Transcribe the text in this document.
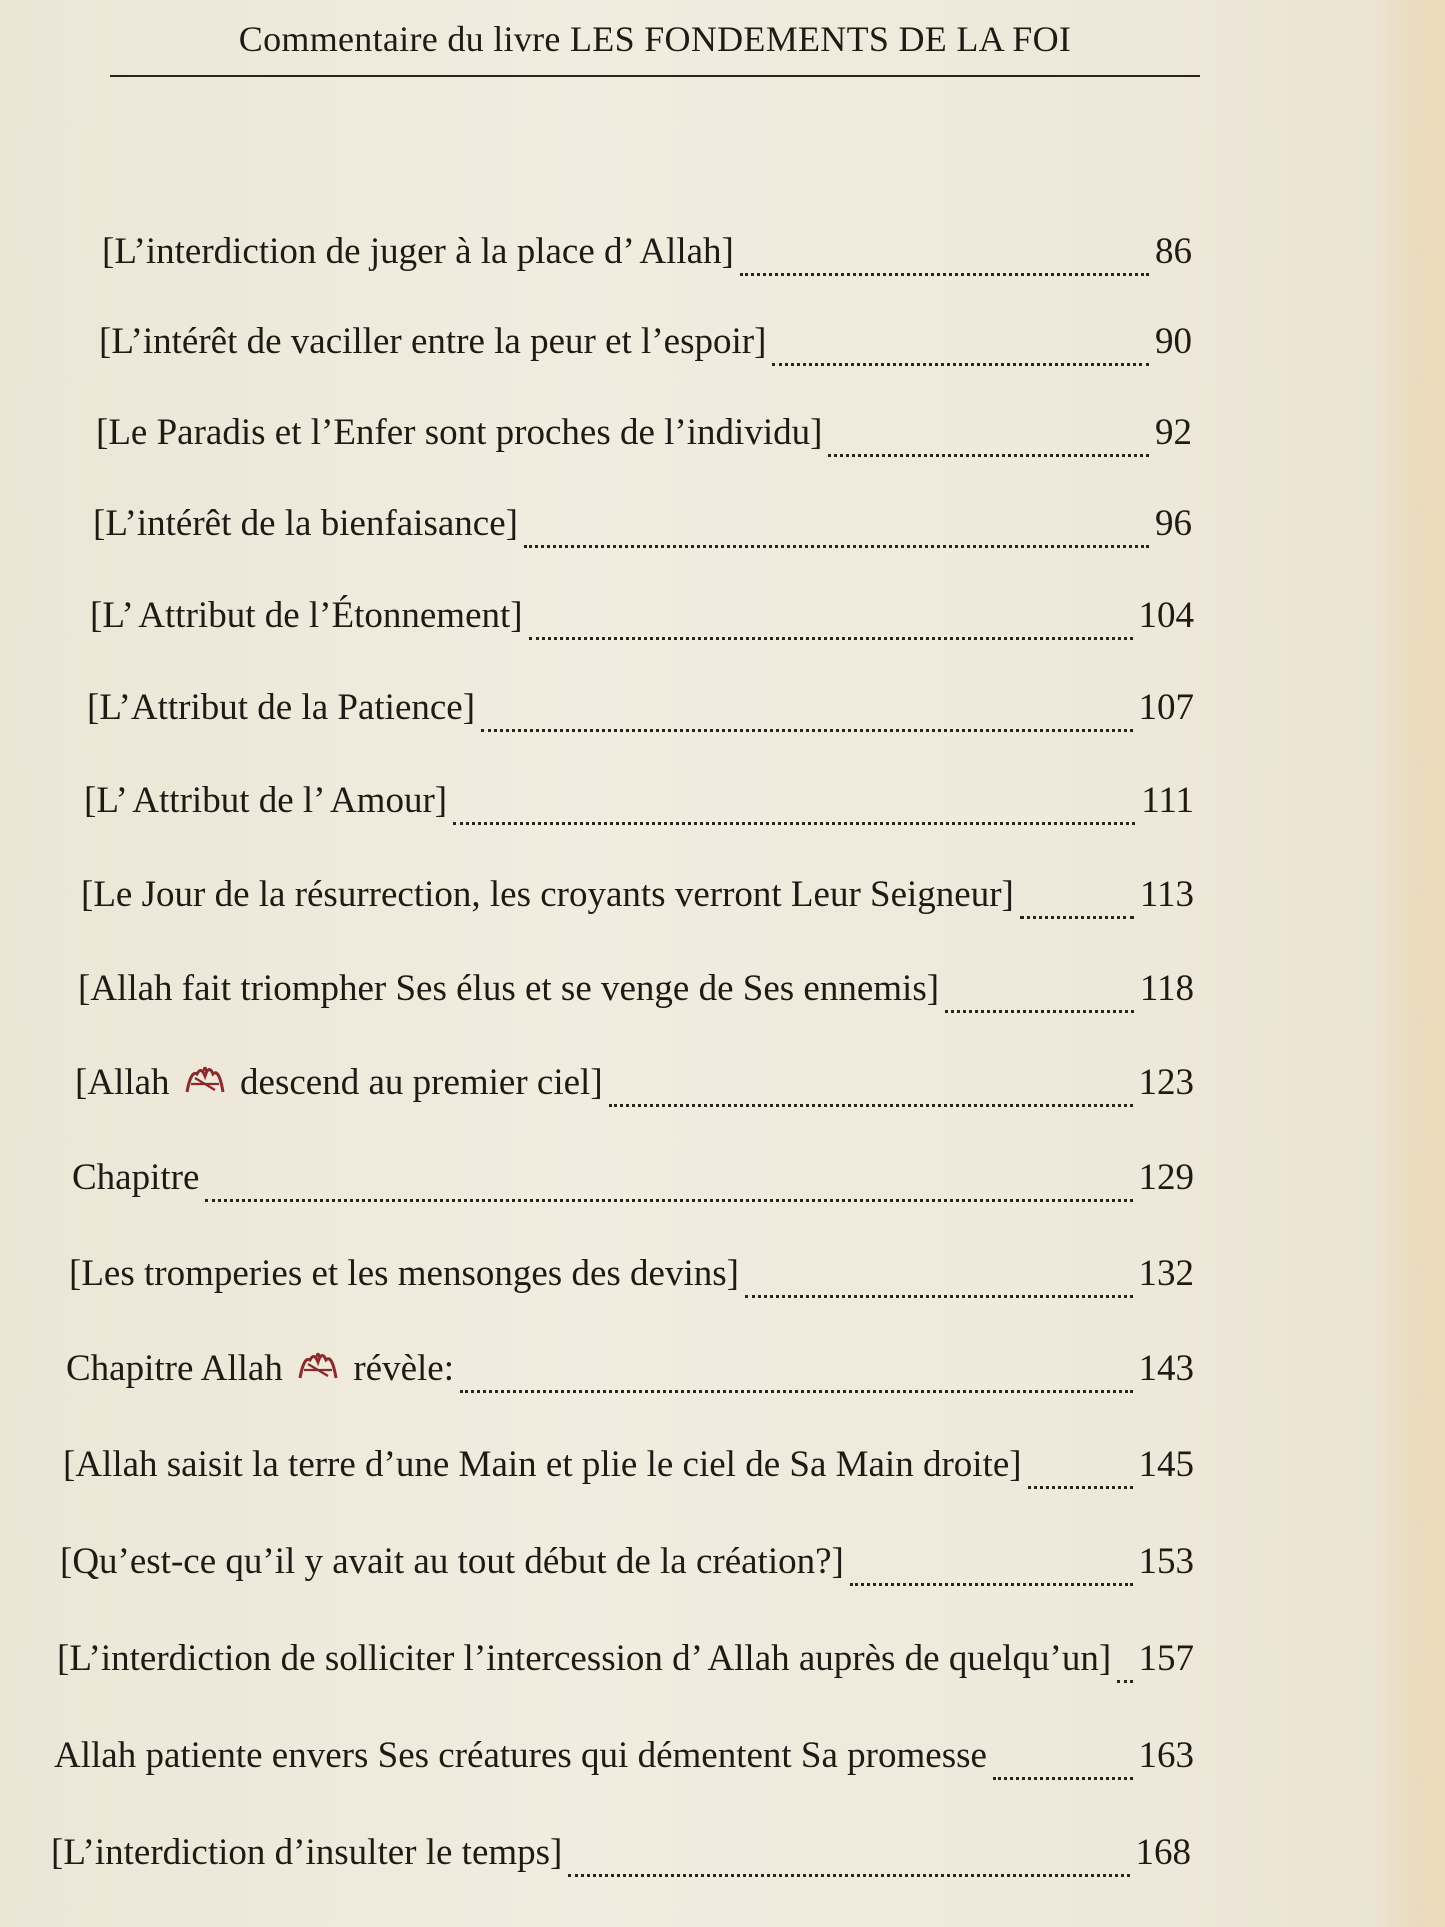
Commentaire du livre LES FONDEMENTS DE LA FOI
[L’interdiction de juger à la place d’ Allah]	86
[L’intérêt de vaciller entre la peur et l’espoir]	90
[Le Paradis et l’Enfer sont proches de l’individu]	92
[L’intérêt de la bienfaisance]	96
[L’ Attribut de l’Étonnement]	104
[L’Attribut de la Patience]	107
[L’ Attribut de l’ Amour]	111
[Le Jour de la résurrection, les croyants verront Leur Seigneur]	113
[Allah fait triompher Ses élus et se venge de Ses ennemis]	118
[Allah descend au premier ciel]	123
Chapitre	129
[Les tromperies et les mensonges des devins]	132
Chapitre Allah révèle:	143
[Allah saisit la terre d’une Main et plie le ciel de Sa Main droite]	145
[Qu’est-ce qu’il y avait au tout début de la création?]	153
[L’interdiction de solliciter l’intercession d’ Allah auprès de quelqu’un] 157
Allah patiente envers Ses créatures qui démentent Sa promesse	163
[L’interdiction d’insulter le temps]	168
